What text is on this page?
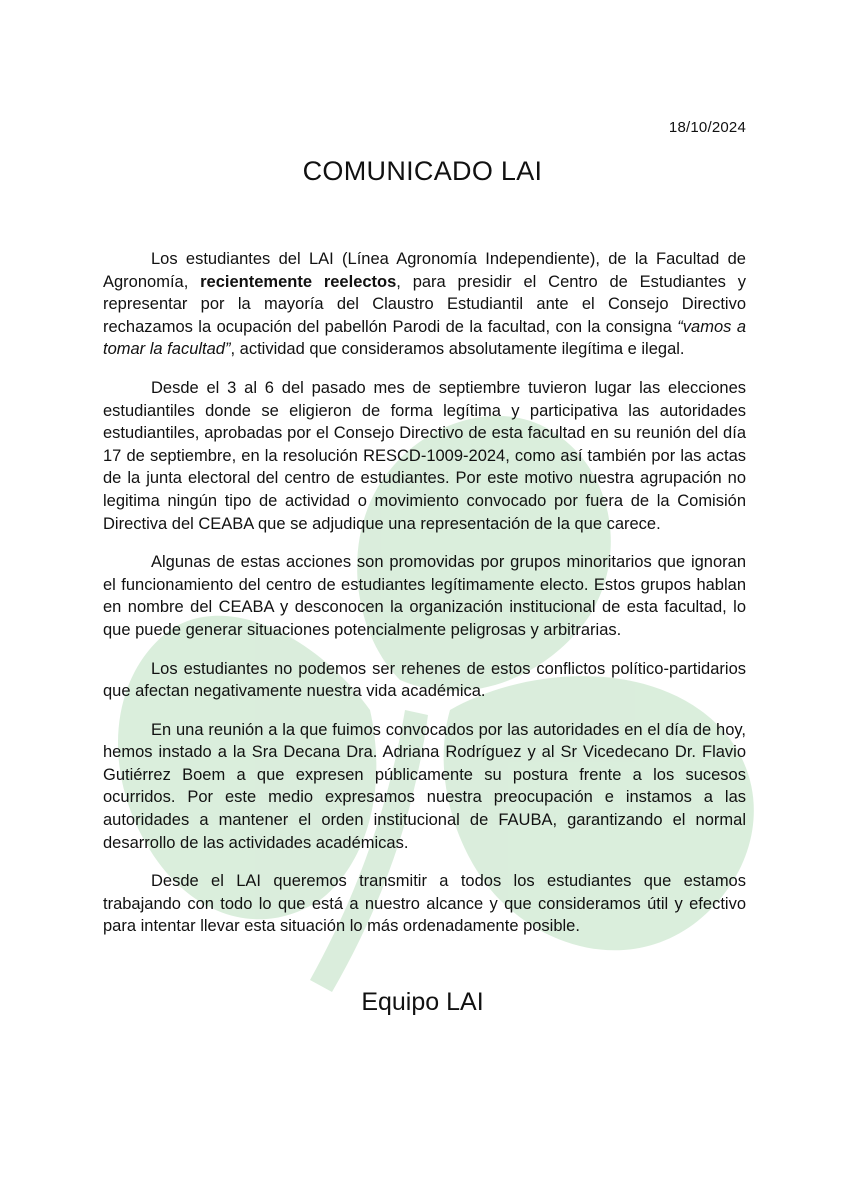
18/10/2024
COMUNICADO LAI

Los estudiantes del LAI (Línea Agronomía Independiente), de la Facultad de Agronomía, recientemente reelectos, para presidir el Centro de Estudiantes y representar por la mayoría del Claustro Estudiantil ante el Consejo Directivo rechazamos la ocupación del pabellón Parodi de la facultad, con la consigna “vamos a tomar la facultad”, actividad que consideramos absolutamente ilegítima e ilegal.

Desde el 3 al 6 del pasado mes de septiembre tuvieron lugar las elecciones estudiantiles donde se eligieron de forma legítima y participativa las autoridades estudiantiles, aprobadas por el Consejo Directivo de esta facultad en su reunión del día 17 de septiembre, en la resolución RESCD-1009-2024, como así también por las actas de la junta electoral del centro de estudiantes. Por este motivo nuestra agrupación no legitima ningún tipo de actividad o movimiento convocado por fuera de la Comisión Directiva del CEABA que se adjudique una representación de la que carece.

Algunas de estas acciones son promovidas por grupos minoritarios que ignoran el funcionamiento del centro de estudiantes legítimamente electo. Estos grupos hablan en nombre del CEABA y desconocen la organización institucional de esta facultad, lo que puede generar situaciones potencialmente peligrosas y arbitrarias.

Los estudiantes no podemos ser rehenes de estos conflictos político-partidarios que afectan negativamente nuestra vida académica.

En una reunión a la que fuimos convocados por las autoridades en el día de hoy, hemos instado a la Sra Decana Dra. Adriana Rodríguez y al Sr Vicedecano Dr. Flavio Gutiérrez Boem a que expresen públicamente su postura frente a los sucesos ocurridos. Por este medio expresamos nuestra preocupación e instamos a las autoridades a mantener el orden institucional de FAUBA, garantizando el normal desarrollo de las actividades académicas.

Desde el LAI queremos transmitir a todos los estudiantes que estamos trabajando con todo lo que está a nuestro alcance y que consideramos útil y efectivo para intentar llevar esta situación lo más ordenadamente posible.

Equipo LAI
